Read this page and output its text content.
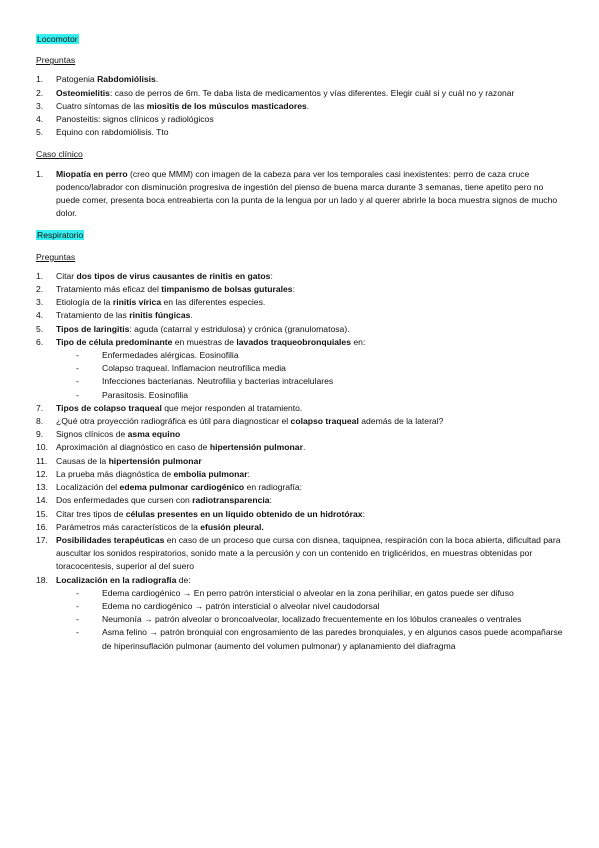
Locomotor
Preguntas
1. Patogenia Rabdomiólisis.
2. Osteomielitis: caso de perros de 6m. Te daba lista de medicamentos y vías diferentes. Elegir cuál si y cuál no y razonar
3. Cuatro síntomas de las miositis de los músculos masticadores.
4. Panosteitis: signos clínicos y radiológicos
5. Equino con rabdomiólisis. Tto
Caso clínico
1. Miopatía en perro (creo que MMM) con imagen de la cabeza para ver los temporales casi inexistentes: perro de caza cruce podenco/labrador con disminución progresiva de ingestión del pienso de buena marca durante 3 semanas, tiene apetito pero no puede comer, presenta boca entreabierta con la punta de la lengua por un lado y al querer abrirle la boca muestra signos de mucho dolor.
Respiratorio
Preguntas
1. Citar dos tipos de virus causantes de rinitis en gatos:
2. Tratamiento más eficaz del timpanismo de bolsas guturales:
3. Etiología de la rinitis vírica en las diferentes especies.
4. Tratamiento de las rinitis fúngicas.
5. Tipos de laringitis: aguda (catarral y estridulosa) y crónica (granulomatosa).
6. Tipo de célula predominante en muestras de lavados traqueobronquiales en:
-	Enfermedades alérgicas. Eosinofilia
-	Colapso traqueal. Inflamacion neutrofílica media
-	Infecciones bacterianas. Neutrofilia y bacterias intracelulares
-	Parasitosis. Eosinofilia
7. Tipos de colapso traqueal que mejor responden al tratamiento.
8. ¿Qué otra proyección radiográfica es útil para diagnosticar el colapso traqueal además de la lateral?
9. Signos clínicos de asma equino
10. Aproximación al diagnóstico en caso de hipertensión pulmonar.
11. Causas de la hipertensión pulmonar
12. La prueba más diagnóstica de embolia pulmonar:
13. Localización del edema pulmonar cardiogénico en radiografía:
14. Dos enfermedades que cursen con radiotransparencia:
15. Citar tres tipos de células presentes en un líquido obtenido de un hidrotórax:
16. Parámetros más característicos de la efusión pleural.
17. Posibilidades terapéuticas en caso de un proceso que cursa con disnea, taquipnea, respiración con la boca abierta, dificultad para auscultar los sonidos respiratorios, sonido mate a la percusión y con un contenido en triglicéridos, en muestras obtenidas por toracocentesis, superior al del suero
18. Localización en la radiografía de:
-	Edema cardiogénico → En perro patrón intersticial o alveolar en la zona perihiliar, en gatos puede ser difuso
-	Edema no cardiogénico → patrón intersticial o alveolar nivel caudodorsal
-	Neumonía → patrón alveolar o broncoalveolar, localizado frecuentemente en los lóbulos craneales o ventrales
-	Asma felino → patrón bronquial con engrosamiento de las paredes bronquiales, y en algunos casos puede acompañarse de hiperinsuflación pulmonar (aumento del volumen pulmonar) y aplanamiento del diafragma
